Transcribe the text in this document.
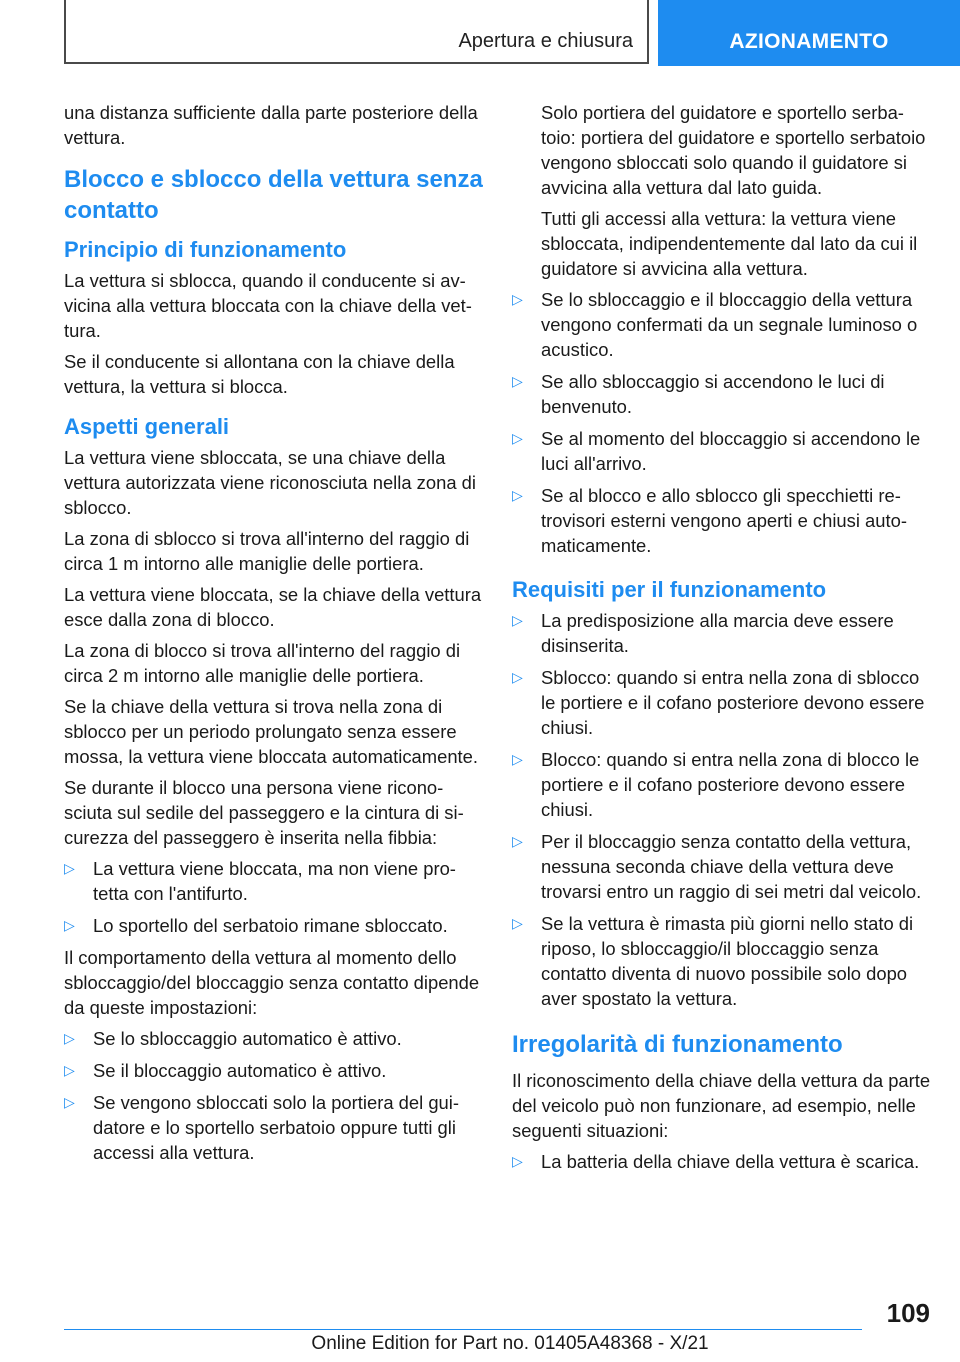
Apertura e chiusura	AZIONAMENTO

una distanza sufficiente dalla parte posteriore della vettura.

Blocco e sblocco della vettura senza contatto
Principio di funzionamento

La vettura si sblocca, quando il conducente si avvicina alla vettura bloccata con la chiave della vettura.

Se il conducente si allontana con la chiave della vettura, la vettura si blocca.

Aspetti generali

La vettura viene sbloccata, se una chiave della vettura autorizzata viene riconosciuta nella zona di sblocco.

La zona di sblocco si trova all'interno del raggio di circa 1 m intorno alle maniglie delle portiera.

La vettura viene bloccata, se la chiave della vettura esce dalla zona di blocco.

La zona di blocco si trova all'interno del raggio di circa 2 m intorno alle maniglie delle portiera.

Se la chiave della vettura si trova nella zona di sblocco per un periodo prolungato senza essere mossa, la vettura viene bloccata automaticamente.

Se durante il blocco una persona viene riconosciuta sul sedile del passeggero e la cintura di sicurezza del passeggero è inserita nella fibbia:

▷ La vettura viene bloccata, ma non viene protetta con l'antifurto.
▷ Lo sportello del serbatoio rimane sbloccato.

Il comportamento della vettura al momento dello sbloccaggio/del bloccaggio senza contatto dipende da queste impostazioni:

▷ Se lo sbloccaggio automatico è attivo.
▷ Se il bloccaggio automatico è attivo.
▷ Se vengono sbloccati solo la portiera del guidatore e lo sportello serbatoio oppure tutti gli accessi alla vettura.

Solo portiera del guidatore e sportello serbatoio: portiera del guidatore e sportello serbatoio vengono sbloccati solo quando il guidatore si avvicina alla vettura dal lato guida.

Tutti gli accessi alla vettura: la vettura viene sbloccata, indipendentemente dal lato da cui il guidatore si avvicina alla vettura.

▷ Se lo sbloccaggio e il bloccaggio della vettura vengono confermati da un segnale luminoso o acustico.
▷ Se allo sbloccaggio si accendono le luci di benvenuto.
▷ Se al momento del bloccaggio si accendono le luci all'arrivo.
▷ Se al blocco e allo sblocco gli specchietti retrovisori esterni vengono aperti e chiusi automaticamente.
Requisiti per il funzionamento
▷ La predisposizione alla marcia deve essere disinserita.
▷ Sblocco: quando si entra nella zona di sblocco le portiere e il cofano posteriore devono essere chiusi.
▷ Blocco: quando si entra nella zona di blocco le portiere e il cofano posteriore devono essere chiusi.
▷ Per il bloccaggio senza contatto della vettura, nessuna seconda chiave della vettura deve trovarsi entro un raggio di sei metri dal veicolo.
▷ Se la vettura è rimasta più giorni nello stato di riposo, lo sbloccaggio/il bloccaggio senza contatto diventa di nuovo possibile solo dopo aver spostato la vettura.
Irregolarità di funzionamento

Il riconoscimento della chiave della vettura da parte del veicolo può non funzionare, ad esempio, nelle seguenti situazioni:

▷ La batteria della chiave della vettura è scarica.
109
Online Edition for Part no. 01405A48368 - X/21
